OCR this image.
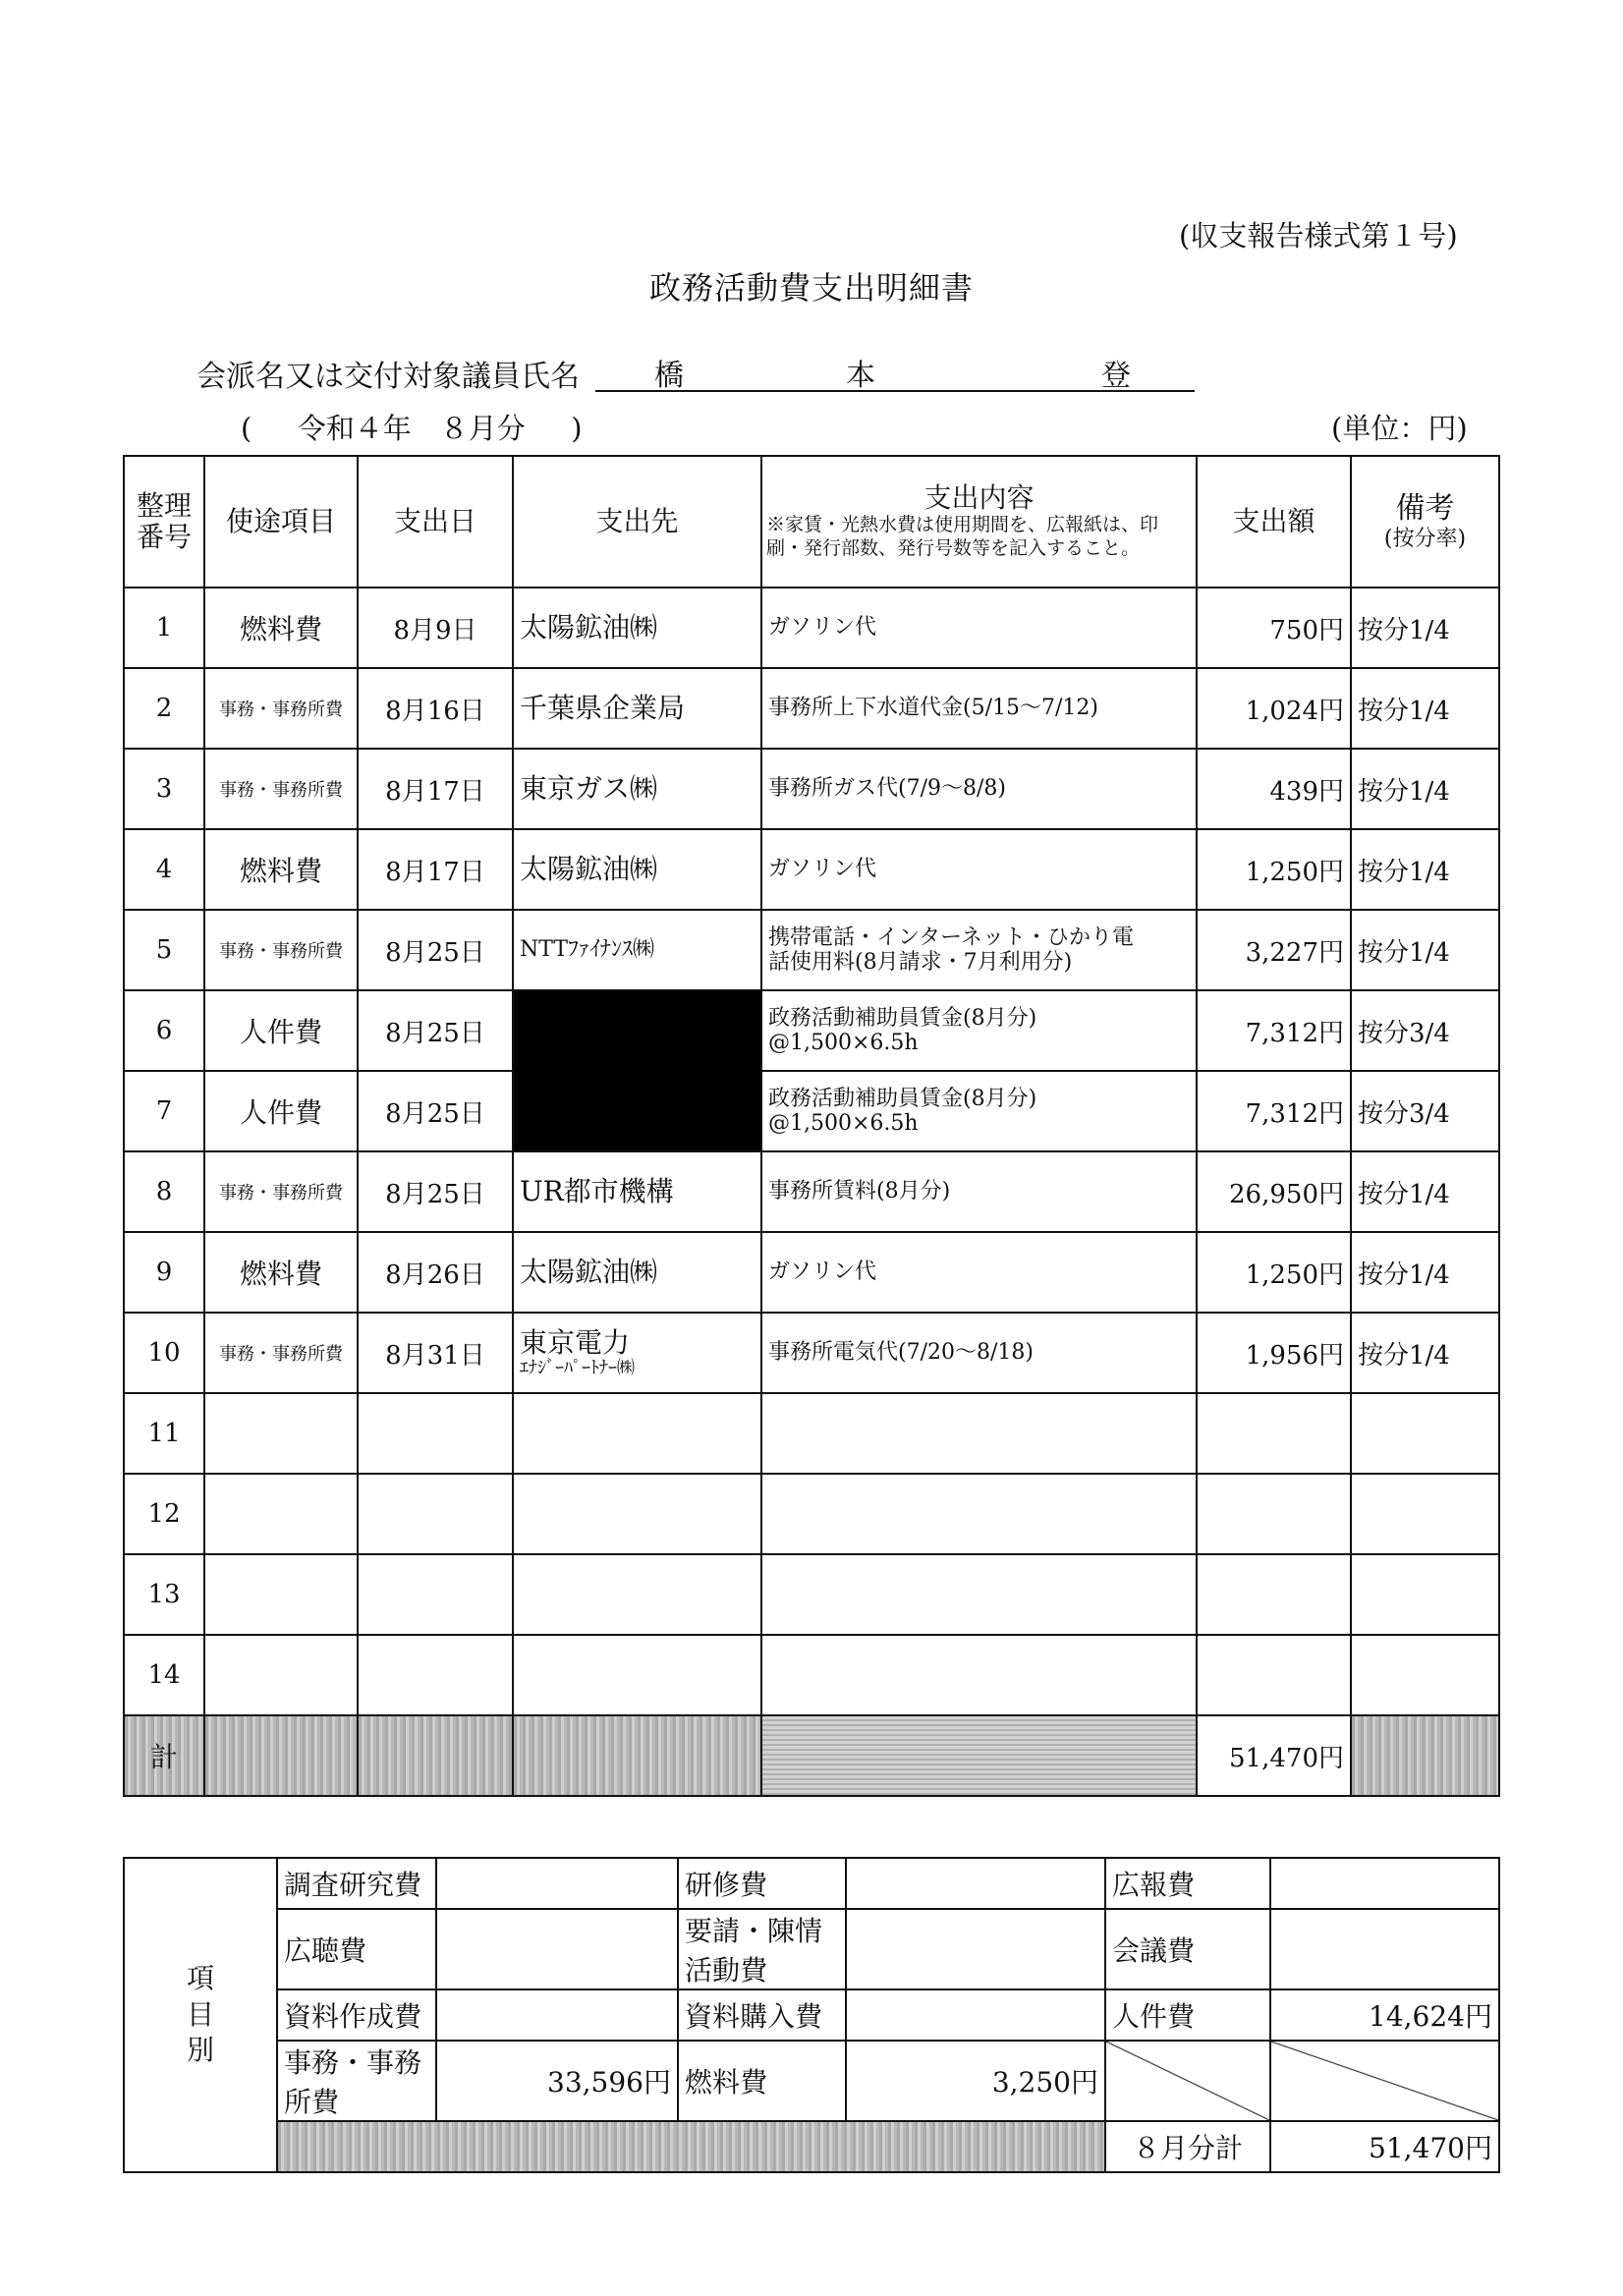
(収支報告様式第１号)
政務活動費支出明細書
会派名又は交付対象議員氏名	橋	本	登
( 令和４年　８月分 )	(単位：円)
整理
番号	使途項目	支出日	支出先	支出内容
※家賃・光熱水費は使用期間を、広報紙は、印刷・発行部数、発行号数等を記入すること。	支出額	備考
(按分率)

1	燃料費	8月9日	太陽鉱油㈱	ガソリン代	750円	按分1/4
2	事務・事務所費	8月16日	千葉県企業局	事務所上下水道代金(5/15～7/12)	1,024円	按分1/4
3	事務・事務所費	8月17日	東京ガス㈱	事務所ガス代(7/9～8/8)	439円	按分1/4
4	燃料費	8月17日	太陽鉱油㈱	ガソリン代	1,250円	按分1/4
5	事務・事務所費	8月25日	NTTﾌｧｲﾅﾝｽ㈱	携帯電話・インターネット・ひかり電
話使用料(8月請求・7月利用分)	3,227円	按分1/4
6	人件費	8月25日		政務活動補助員賃金(8月分)
@1,500×6.5h	7,312円	按分3/4
7	人件費	8月25日		政務活動補助員賃金(8月分)
@1,500×6.5h	7,312円	按分3/4
8	事務・事務所費	8月25日	UR都市機構	事務所賃料(8月分)	26,950円	按分1/4
9	燃料費	8月26日	太陽鉱油㈱	ガソリン代	1,250円	按分1/4
10	事務・事務所費	8月31日	東京電力
ｴﾅｼﾞｰﾊﾟｰﾄﾅｰ㈱	事務所電気代(7/20～8/18)	1,956円	按分1/4
11			

12			

13			

14			

計					51,470円	
項
目
別	調査研究費		研修費		広報費	
	広聴費		要請・陳情活動費		会議費	
	資料作成費		資料購入費		人件費	14,624円
	事務・事務所費	33,596円	燃料費	3,250円		
					８月分計	51,470円
